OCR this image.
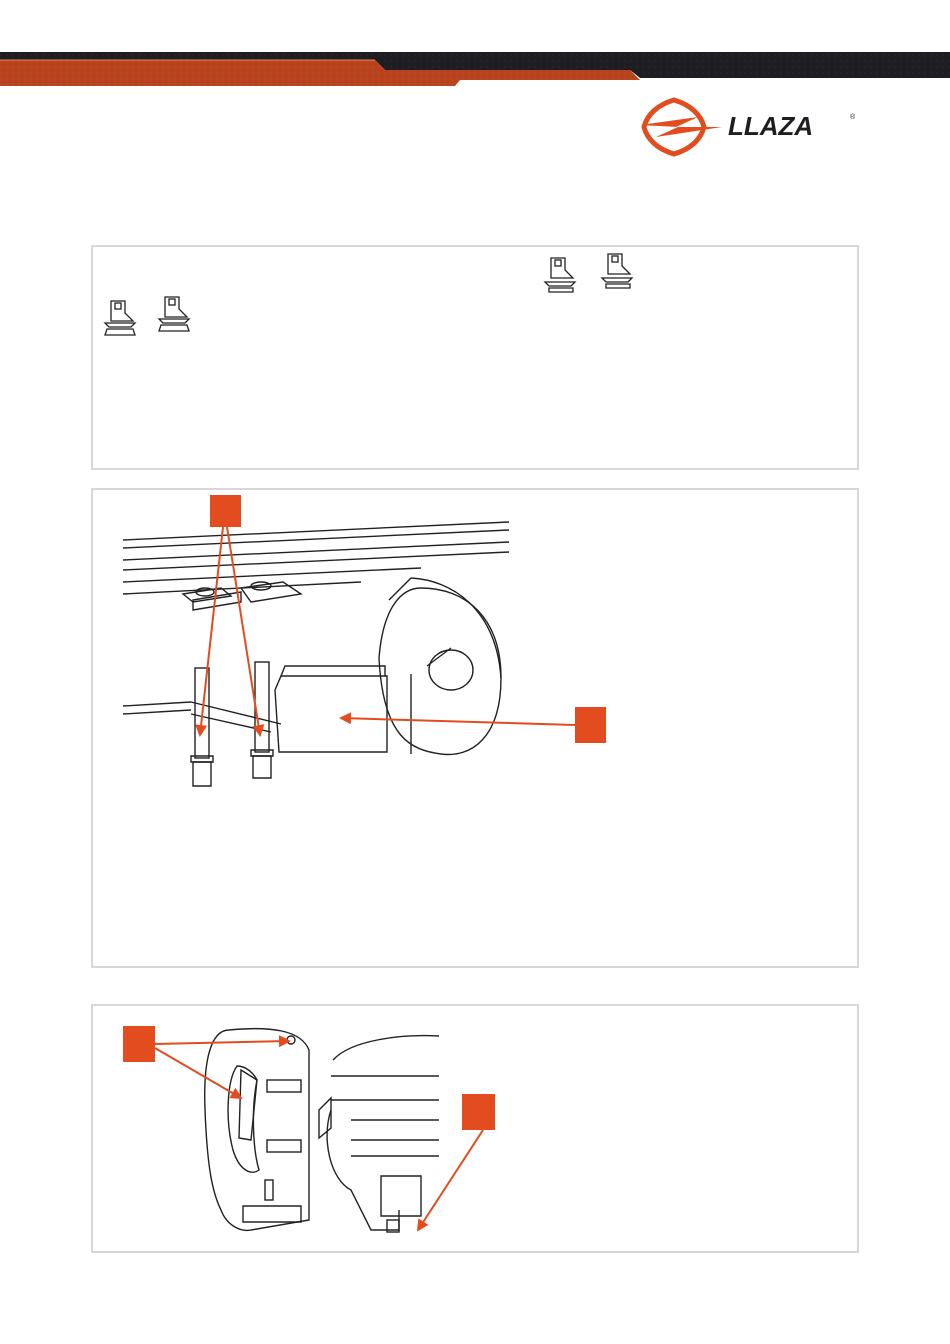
LLAZA	®
